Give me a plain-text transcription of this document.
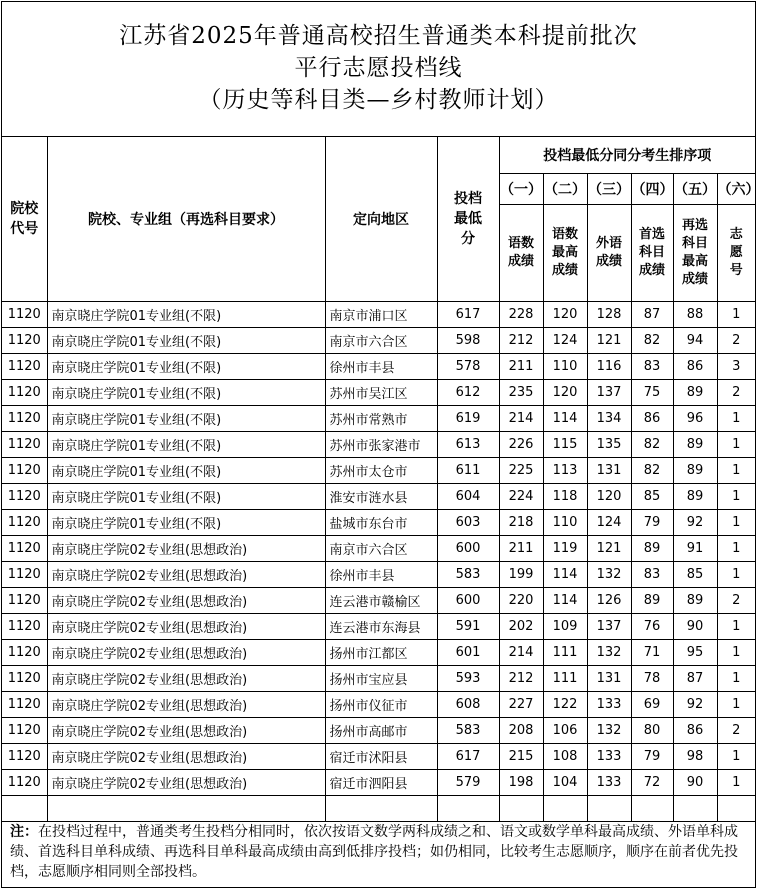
江苏省2025年普通高校招生普通类本科提前批次
平行志愿投档线
（历史等科目类—乡村教师计划）
院校代号	院校、专业组（再选科目要求）	定向地区	投档最低分	投档最低分同分考生排序项					
				（一）	（二）	（三）	（四）	（五）	（六）
				语数成绩	语数最高成绩	外语成绩	首选科目成绩	再选科目最高成绩	志愿号
1120	南京晓庄学院01专业组(不限)	南京市浦口区	617	228	120	128	87	88	1
1120	南京晓庄学院01专业组(不限)	南京市六合区	598	212	124	121	82	94	2
1120	南京晓庄学院01专业组(不限)	徐州市丰县	578	211	110	116	83	86	3
1120	南京晓庄学院01专业组(不限)	苏州市吴江区	612	235	120	137	75	89	2
1120	南京晓庄学院01专业组(不限)	苏州市常熟市	619	214	114	134	86	96	1
1120	南京晓庄学院01专业组(不限)	苏州市张家港市	613	226	115	135	82	89	1
1120	南京晓庄学院01专业组(不限)	苏州市太仓市	611	225	113	131	82	89	1
1120	南京晓庄学院01专业组(不限)	淮安市涟水县	604	224	118	120	85	89	1
1120	南京晓庄学院01专业组(不限)	盐城市东台市	603	218	110	124	79	92	1
1120	南京晓庄学院02专业组(思想政治)	南京市六合区	600	211	119	121	89	91	1
1120	南京晓庄学院02专业组(思想政治)	徐州市丰县	583	199	114	132	83	85	1
1120	南京晓庄学院02专业组(思想政治)	连云港市赣榆区	600	220	114	126	89	89	2
1120	南京晓庄学院02专业组(思想政治)	连云港市东海县	591	202	109	137	76	90	1
1120	南京晓庄学院02专业组(思想政治)	扬州市江都区	601	214	111	132	71	95	1
1120	南京晓庄学院02专业组(思想政治)	扬州市宝应县	593	212	111	131	78	87	1
1120	南京晓庄学院02专业组(思想政治)	扬州市仪征市	608	227	122	133	69	92	1
1120	南京晓庄学院02专业组(思想政治)	扬州市高邮市	583	208	106	132	80	86	2
1120	南京晓庄学院02专业组(思想政治)	宿迁市沭阳县	617	215	108	133	79	98	1
1120	南京晓庄学院02专业组(思想政治)	宿迁市泗阳县	579	198	104	133	72	90	1

注：在投档过程中，普通类考生投档分相同时，依次按语文数学两科成绩之和、语文或数学单科最高成绩、外语单科成绩、首选科目单科成绩、再选科目单科最高成绩由高到低排序投档；如仍相同，比较考生志愿顺序，顺序在前者优先投档，志愿顺序相同则全部投档。
